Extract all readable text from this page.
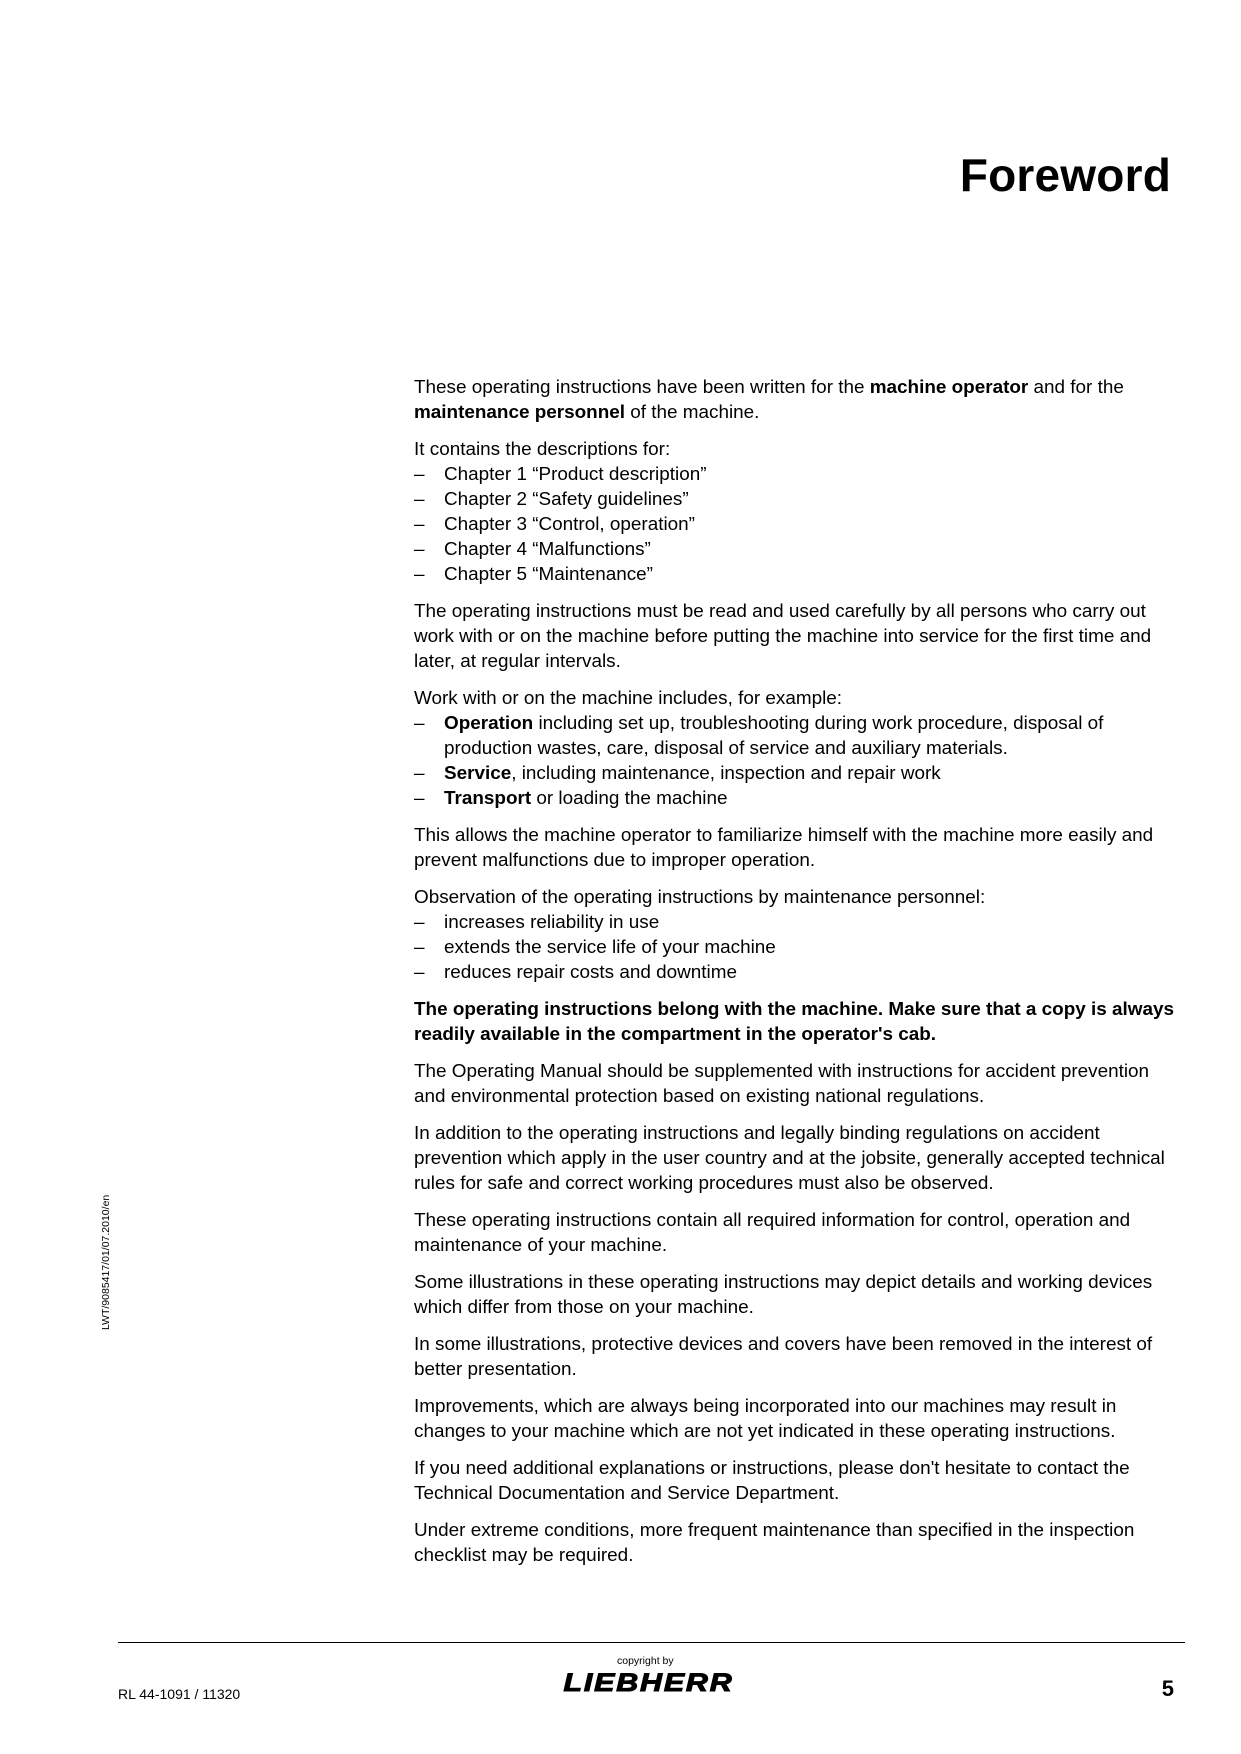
Foreword
LWT/9085417/01/07.2010/en

These operating instructions have been written for the machine operator and for the maintenance personnel of the machine.

It contains the descriptions for:

– Chapter 1 “Product description”
– Chapter 2 “Safety guidelines”
– Chapter 3 “Control, operation”
– Chapter 4 “Malfunctions”
– Chapter 5 “Maintenance”

The operating instructions must be read and used carefully by all persons who carry out work with or on the machine before putting the machine into service for the first time and later, at regular intervals.

Work with or on the machine includes, for example:

– Operation including set up, troubleshooting during work procedure, disposal of production wastes, care, disposal of service and auxiliary materials.
– Service, including maintenance, inspection and repair work
– Transport or loading the machine

This allows the machine operator to familiarize himself with the machine more easily and prevent malfunctions due to improper operation.

Observation of the operating instructions by maintenance personnel:

– increases reliability in use
– extends the service life of your machine
– reduces repair costs and downtime

The operating instructions belong with the machine. Make sure that a copy is always readily available in the compartment in the operator's cab.

The Operating Manual should be supplemented with instructions for accident prevention and environmental protection based on existing national regulations.

In addition to the operating instructions and legally binding regulations on accident prevention which apply in the user country and at the jobsite, generally accepted technical rules for safe and correct working procedures must also be observed.

These operating instructions contain all required information for control, operation and maintenance of your machine.

Some illustrations in these operating instructions may depict details and working devices which differ from those on your machine.

In some illustrations, protective devices and covers have been removed in the interest of better presentation.

Improvements, which are always being incorporated into our machines may result in changes to your machine which are not yet indicated in these operating instructions.

If you need additional explanations or instructions, please don't hesitate to contact the Technical Documentation and Service Department.

Under extreme conditions, more frequent maintenance than specified in the inspection checklist may be required.

RL 44-1091 / 11320
copyright by
LIEBHERR	5
